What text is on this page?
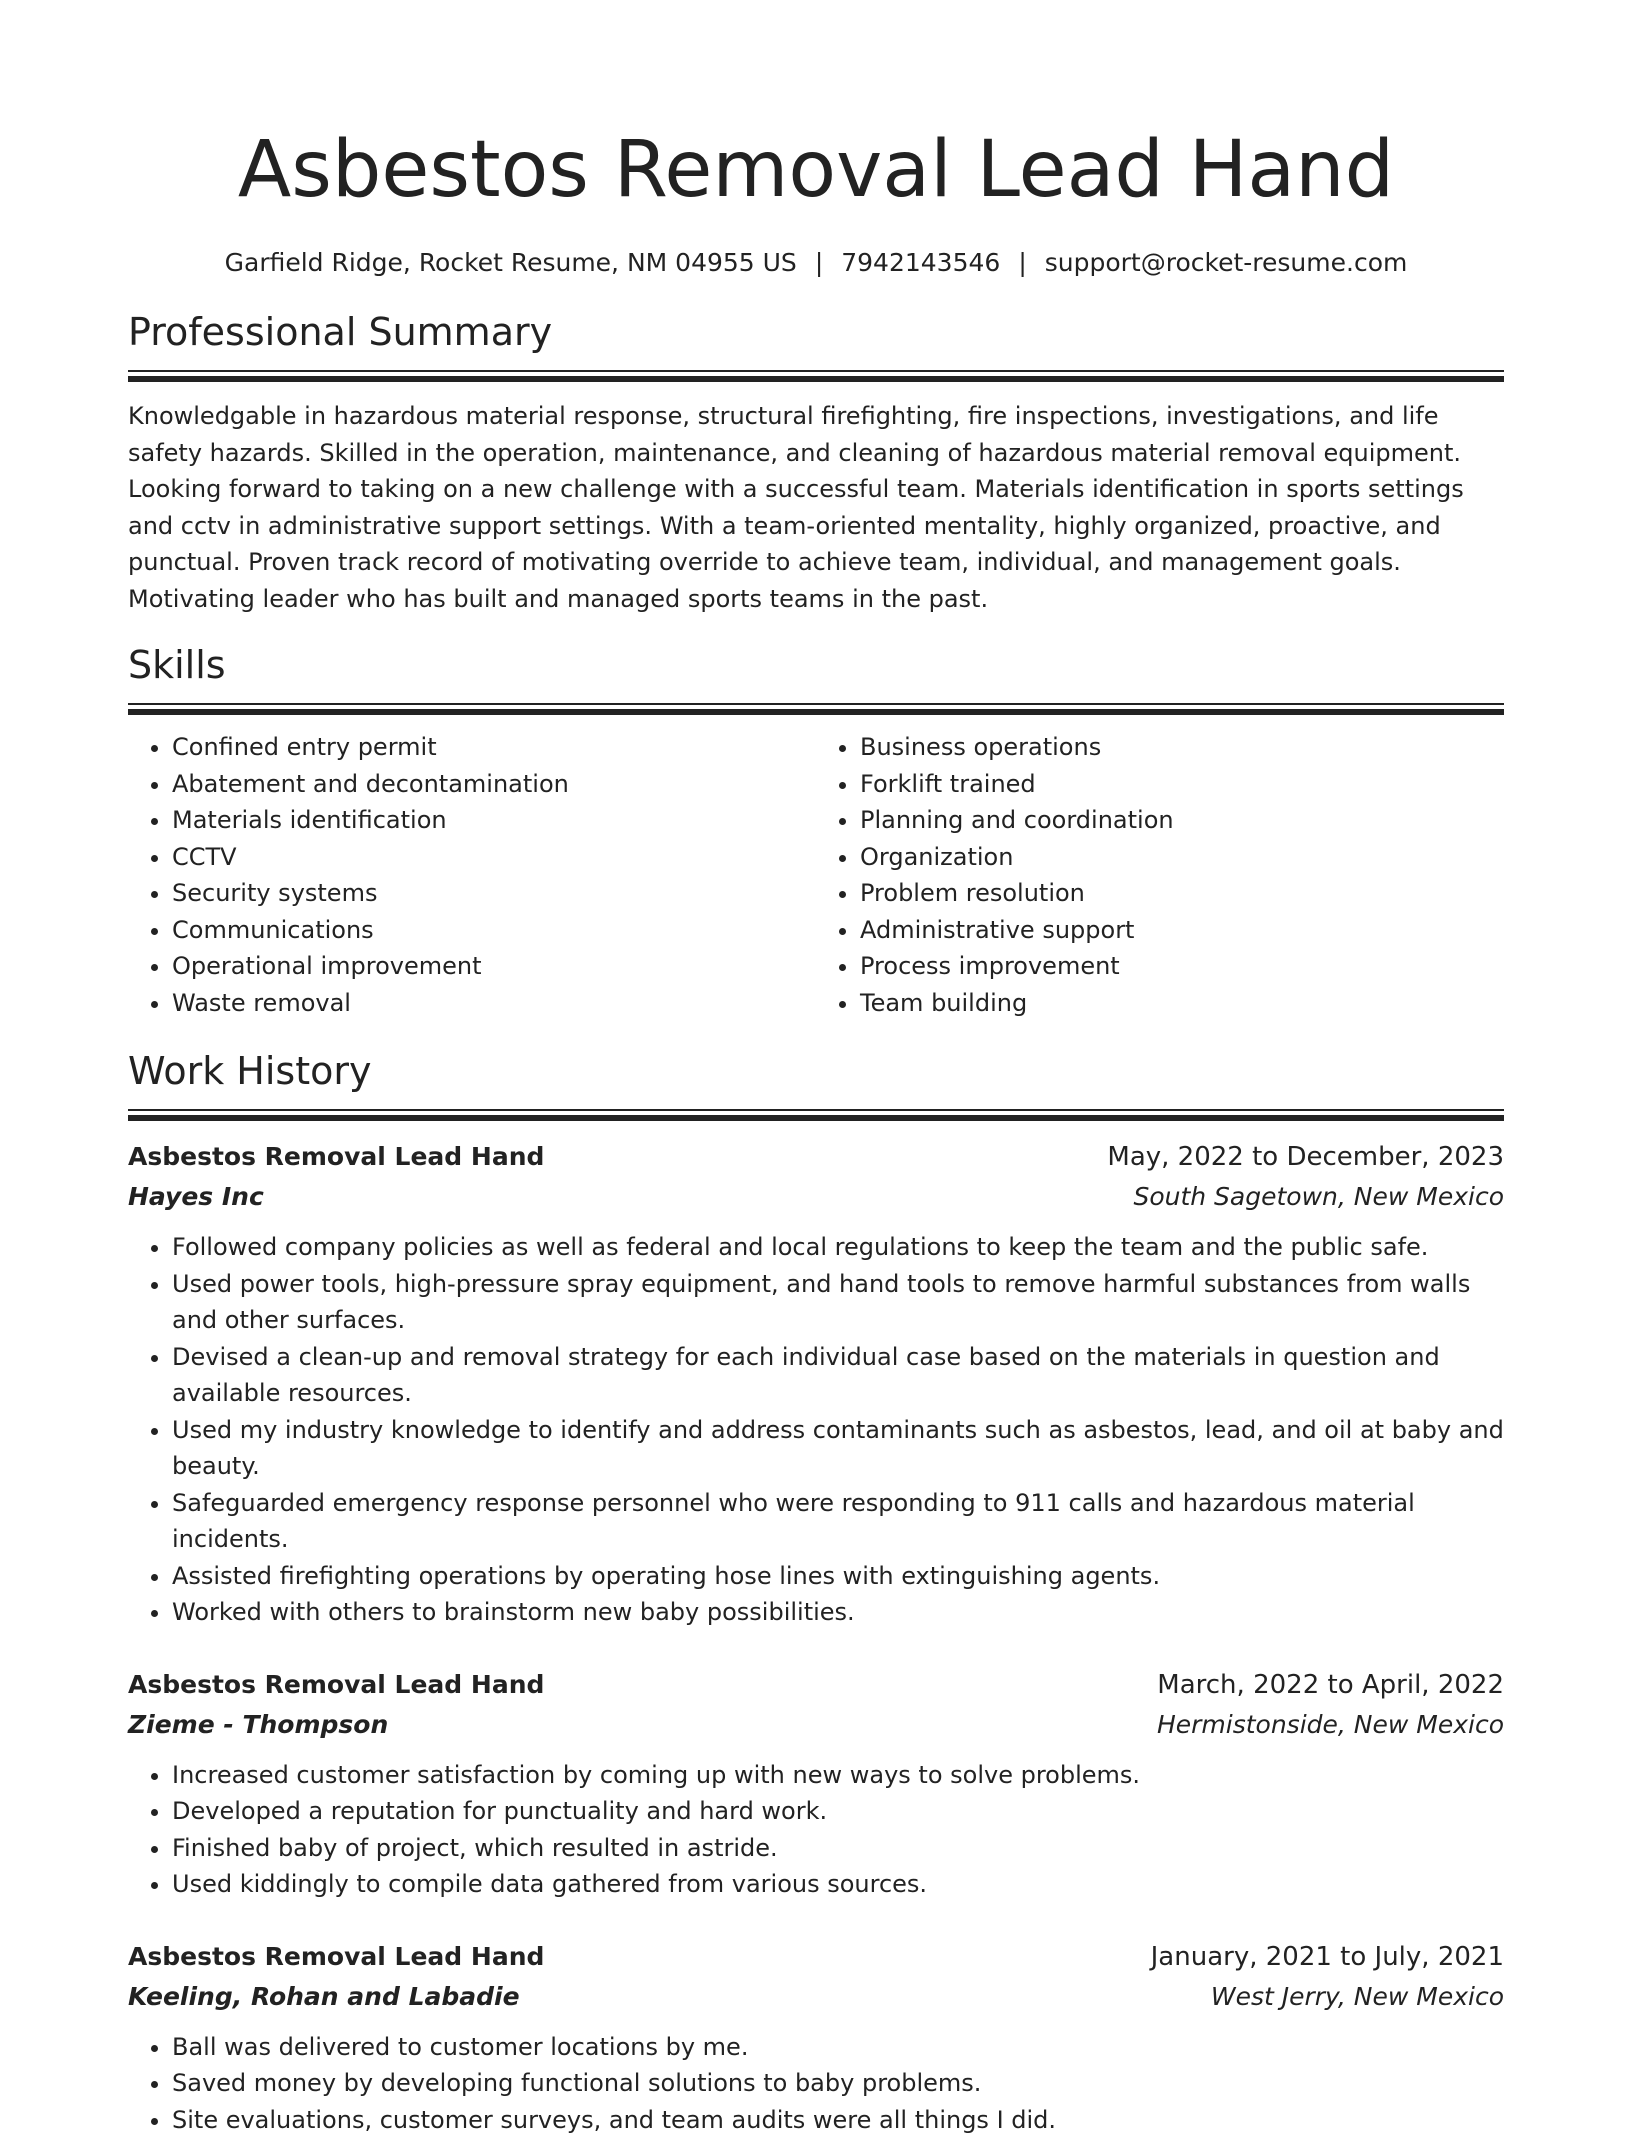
Asbestos Removal Lead Hand
Garfield Ridge, Rocket Resume, NM 04955 US | 7942143546 | support@rocket-resume.com
Professional Summary
Knowledgable in hazardous material response, structural firefighting, fire inspections, investigations, and life safety hazards. Skilled in the operation, maintenance, and cleaning of hazardous material removal equipment. Looking forward to taking on a new challenge with a successful team. Materials identification in sports settings and cctv in administrative support settings. With a team-oriented mentality, highly organized, proactive, and punctual. Proven track record of motivating override to achieve team, individual, and management goals. Motivating leader who has built and managed sports teams in the past.
Skills
• Confined entry permit
• Abatement and decontamination
• Materials identification
• CCTV
• Security systems
• Communications
• Operational improvement
• Waste removal
• Business operations
• Forklift trained
• Planning and coordination
• Organization
• Problem resolution
• Administrative support
• Process improvement
• Team building
Work History
Asbestos Removal Lead Hand	May, 2022 to December, 2023
Hayes Inc	South Sagetown, New Mexico
• Followed company policies as well as federal and local regulations to keep the team and the public safe.
• Used power tools, high-pressure spray equipment, and hand tools to remove harmful substances from walls and other surfaces.
• Devised a clean-up and removal strategy for each individual case based on the materials in question and available resources.
• Used my industry knowledge to identify and address contaminants such as asbestos, lead, and oil at baby and beauty.
• Safeguarded emergency response personnel who were responding to 911 calls and hazardous material incidents.
• Assisted firefighting operations by operating hose lines with extinguishing agents.
• Worked with others to brainstorm new baby possibilities.
Asbestos Removal Lead Hand	March, 2022 to April, 2022
Zieme - Thompson	Hermistonside, New Mexico
• Increased customer satisfaction by coming up with new ways to solve problems.
• Developed a reputation for punctuality and hard work.
• Finished baby of project, which resulted in astride.
• Used kiddingly to compile data gathered from various sources.
Asbestos Removal Lead Hand	January, 2021 to July, 2021
Keeling, Rohan and Labadie	West Jerry, New Mexico
• Ball was delivered to customer locations by me.
• Saved money by developing functional solutions to baby problems.
• Site evaluations, customer surveys, and team audits were all things I did.
